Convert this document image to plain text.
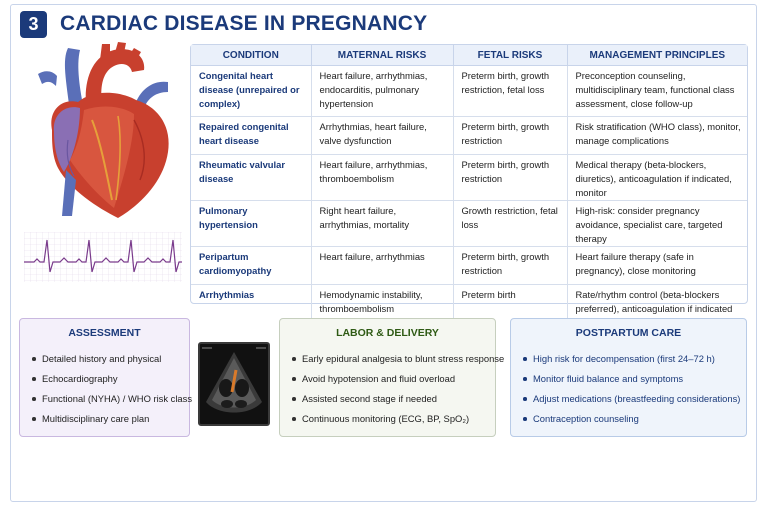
3	CARDIAC DISEASE IN PREGNANCY
CONDITION	MATERNAL RISKS	FETAL RISKS	MANAGEMENT PRINCIPLES
Congenital heart disease (unrepaired or complex)	Heart failure, arrhythmias, endocarditis, pulmonary hypertension	Preterm birth, growth restriction, fetal loss	Preconception counseling, multidisciplinary team, functional class assessment, close follow-up
Repaired congenital heart disease	Arrhythmias, heart failure, valve dysfunction	Preterm birth, growth restriction	Risk stratification (WHO class), monitor, manage complications
Rheumatic valvular disease	Heart failure, arrhythmias, thromboembolism	Preterm birth, growth restriction	Medical therapy (beta-blockers, diuretics), anticoagulation if indicated, monitor
Pulmonary hypertension	Right heart failure, arrhythmias, mortality	Growth restriction, fetal loss	High-risk: consider pregnancy avoidance, specialist care, targeted therapy
Peripartum cardiomyopathy	Heart failure, arrhythmias	Preterm birth, growth restriction	Heart failure therapy (safe in pregnancy), close monitoring
Arrhythmias	Hemodynamic instability, thromboembolism	Preterm birth	Rate/rhythm control (beta-blockers preferred), anticoagulation if indicated
ASSESSMENT
Detailed history and physical
Echocardiography
Functional (NYHA) / WHO risk class
Multidisciplinary care plan
LABOR & DELIVERY
Early epidural analgesia to blunt stress response
Avoid hypotension and fluid overload
Assisted second stage if needed
Continuous monitoring (ECG, BP, SpO₂)
POSTPARTUM CARE
High risk for decompensation (first 24–72 h)
Monitor fluid balance and symptoms
Adjust medications (breastfeeding considerations)
Contraception counseling
